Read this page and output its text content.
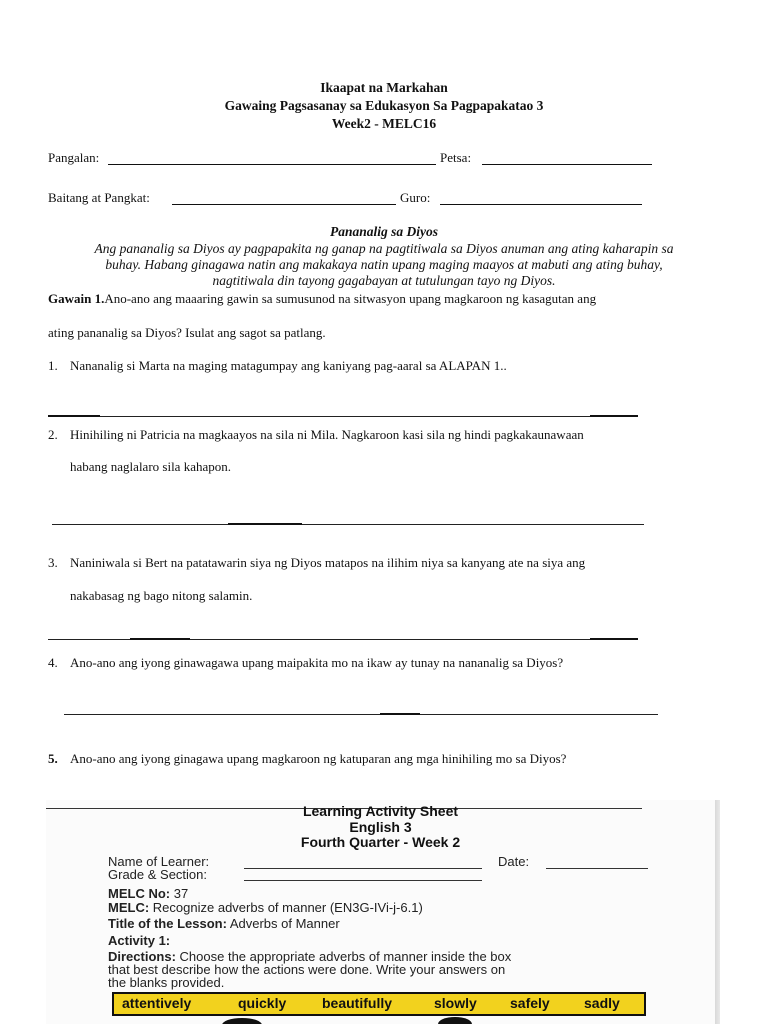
Ikaapat na Markahan
Gawaing Pagsasanay sa Edukasyon Sa Pagpapakatao 3
Week2 - MELC16
Pangalan:	Petsa:
Baitang at Pangkat:	Guro:
Pananalig sa Diyos
Ang pananalig sa Diyos ay pagpapakita ng ganap na pagtitiwala sa Diyos anuman ang ating kaharapin sa
buhay. Habang ginagawa natin ang makakaya natin upang maging maayos at mabuti ang ating buhay,
nagtitiwala din tayong gagabayan at tutulungan tayo ng Diyos.
Gawain 1.Ano-ano ang maaaring gawin sa sumusunod na sitwasyon upang magkaroon ng kasagutan ang
ating pananalig sa Diyos? Isulat ang sagot sa patlang.
1. Nananalig si Marta na maging matagumpay ang kaniyang pag-aaral sa ALAPAN 1..
2. Hinihiling ni Patricia na magkaayos na sila ni Mila. Nagkaroon kasi sila ng hindi pagkakaunawaan
habang naglalaro sila kahapon.
3. Naniniwala si Bert na patatawarin siya ng Diyos matapos na ilihim niya sa kanyang ate na siya ang
nakabasag ng bago nitong salamin.
4. Ano-ano ang iyong ginawagawa upang maipakita mo na ikaw ay tunay na nananalig sa Diyos?
5. Ano-ano ang iyong ginagawa upang magkaroon ng katuparan ang mga hinihiling mo sa Diyos?
Learning Activity Sheet
English 3
Fourth Quarter - Week 2
Name of Learner:	Date:
Grade & Section:
MELC No: 37
MELC: Recognize adverbs of manner (EN3G-IVi-j-6.1)
Title of the Lesson: Adverbs of Manner
Activity 1:
Directions: Choose the appropriate adverbs of manner inside the box
that best describe how the actions were done. Write your answers on
the blanks provided.
attentively	quickly	beautifully	slowly safely sadly
